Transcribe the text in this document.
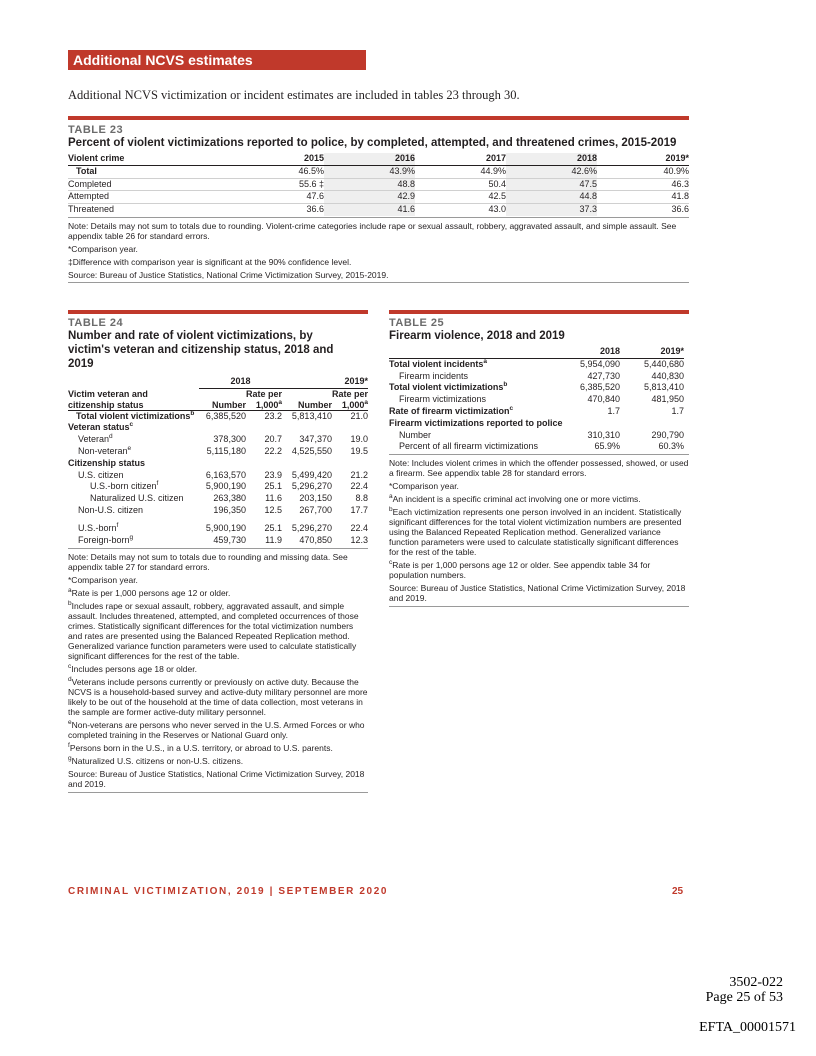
Additional NCVS estimates
Additional NCVS victimization or incident estimates are included in tables 23 through 30.
TABLE 23
Percent of violent victimizations reported to police, by completed, attempted, and threatened crimes, 2015-2019
Violent crime	2015	2016	2017	2018	2019*
Total	46.5%	43.9%	44.9%	42.6%	40.9%
Completed	55.6 ‡	48.8	50.4	47.5	46.3
Attempted	47.6	42.9	42.5	44.8	41.8
Threatened	36.6	41.6	43.0	37.3	36.6

Note: Details may not sum to totals due to rounding. Violent-crime categories include rape or sexual assault, robbery, aggravated assault, and simple assault. See appendix table 26 for standard errors.

*Comparison year.

‡Difference with comparison year is significant at the 90% confidence level.

Source: Bureau of Justice Statistics, National Crime Victimization Survey, 2015-2019.

TABLE 24
Number and rate of violent victimizations, by victim's veteran and citizenship status, 2018 and 2019
	2018		2019*	
Victim veteran and		Rate per		Rate per
citizenship status	Number	1,000$^a$	Number	1,000$^a$
Total violent victimizations$^b$	6,385,520	23.2	5,813,410	21.0
Veteran status$^c$				
Veteran$^d$	378,300	20.7	347,370	19.0
Non-veteran$^e$	5,115,180	22.2	4,525,550	19.5
Citizenship status				
U.S. citizen	6,163,570	23.9	5,499,420	21.2
U.S.-born citizen$^f$	5,900,190	25.1	5,296,270	22.4
Naturalized U.S. citizen	263,380	11.6	203,150	8.8
Non-U.S. citizen	196,350	12.5	267,700	17.7
U.S.-born$^f$	5,900,190	25.1	5,296,270	22.4
Foreign-born$^g$	459,730	11.9	470,850	12.3

Note: Details may not sum to totals due to rounding and missing data. See appendix table 27 for standard errors.

*Comparison year.

$^a$Rate is per 1,000 persons age 12 or older.

$^b$Includes rape or sexual assault, robbery, aggravated assault, and simple assault. Includes threatened, attempted, and completed occurrences of those crimes. Statistically significant differences for the total victimization numbers and rates are presented using the Balanced Repeated Replication method. Generalized variance function parameters were used to calculate statistically significant differences for the rest of the table.

$^c$Includes persons age 18 or older.

$^d$Veterans include persons currently or previously on active duty. Because the NCVS is a household-based survey and active-duty military personnel are more likely to be out of the household at the time of data collection, most veterans in the sample are former active-duty military personnel.

$^e$Non-veterans are persons who never served in the U.S. Armed Forces or who completed training in the Reserves or National Guard only.

$^f$Persons born in the U.S., in a U.S. territory, or abroad to U.S. parents.

$^g$Naturalized U.S. citizens or non-U.S. citizens.

Source: Bureau of Justice Statistics, National Crime Victimization Survey, 2018 and 2019.

TABLE 25
Firearm violence, 2018 and 2019
	2018	2019*
Total violent incidents$^a$	5,954,090	5,440,680
Firearm incidents	427,730	440,830
Total violent victimizations$^b$	6,385,520	5,813,410
Firearm victimizations	470,840	481,950
Rate of firearm victimization$^c$	1.7	1.7
Firearm victimizations reported to police		
Number	310,310	290,790
Percent of all firearm victimizations	65.9%	60.3%

Note: Includes violent crimes in which the offender possessed, showed, or used a firearm. See appendix table 28 for standard errors.

*Comparison year.

$^a$An incident is a specific criminal act involving one or more victims.

$^b$Each victimization represents one person involved in an incident. Statistically significant differences for the total violent victimization numbers are presented using the Balanced Repeated Replication method. Generalized variance function parameters were used to calculate statistically significant differences for the rest of the table.

$^c$Rate is per 1,000 persons age 12 or older. See appendix table 34 for population numbers.

Source: Bureau of Justice Statistics, National Crime Victimization Survey, 2018 and 2019.

CRIMINAL VICTIMIZATION, 2019 | SEPTEMBER 2020	25
3502-022
Page 25 of 53
EFTA_00001571
